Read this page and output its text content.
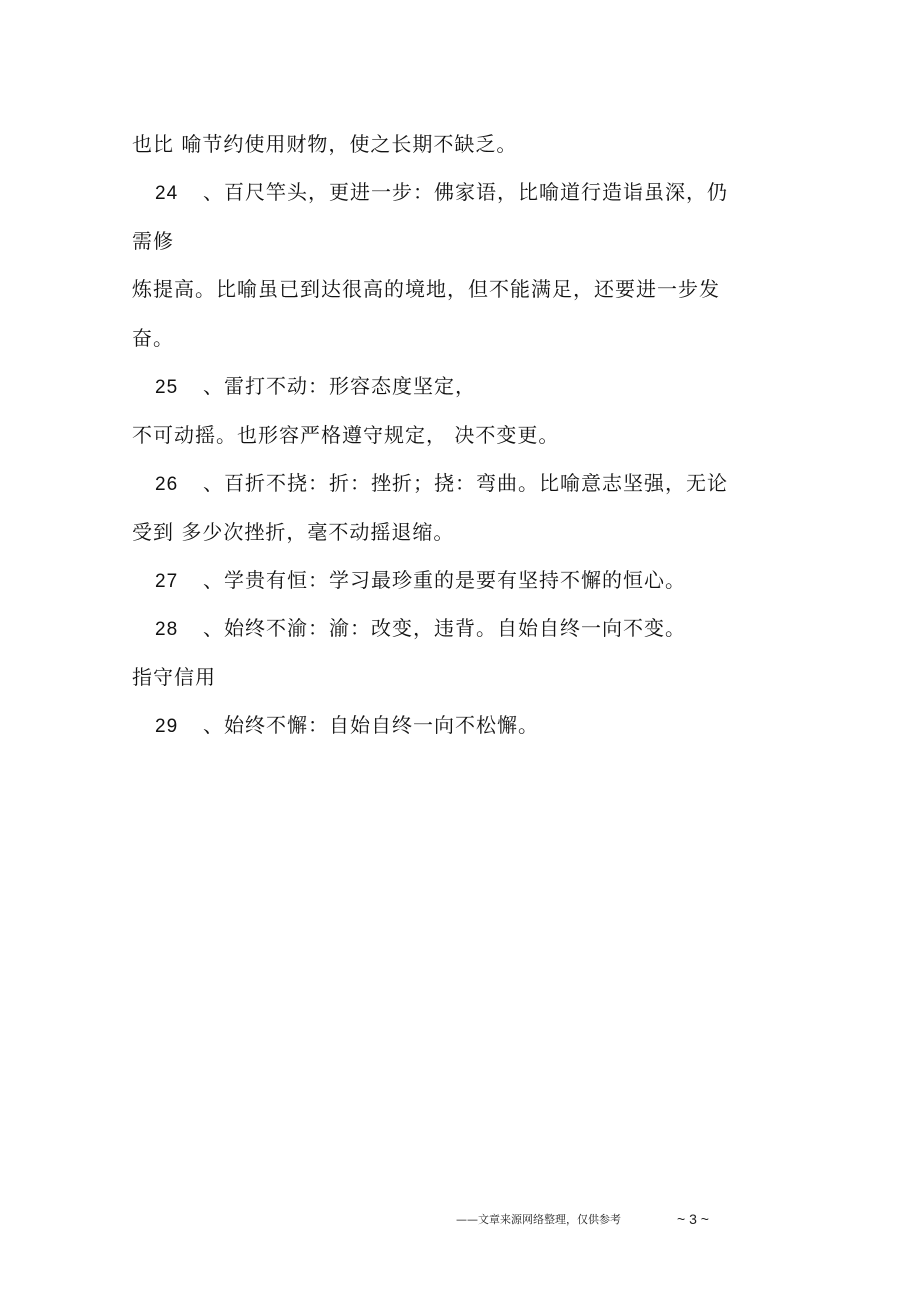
也比 喻节约使用财物，使之长期不缺乏。
24 、百尺竿头，更进一步：佛家语，比喻道行造诣虽深，仍
需修
炼提高。比喻虽已到达很高的境地，但不能满足，还要进一步发
奋。
25 、雷打不动：形容态度坚定，
不可动摇。也形容严格遵守规定， 决不变更。
26 、百折不挠：折：挫折；挠：弯曲。比喻意志坚强，无论
受到 多少次挫折，毫不动摇退缩。
27 、学贵有恒：学习最珍重的是要有坚持不懈的恒心。
28 、始终不渝：渝：改变，违背。自始自终一向不变。
指守信用
29 、始终不懈：自始自终一向不松懈。
——文章来源网络整理，仅供参考	~ 3 ~
